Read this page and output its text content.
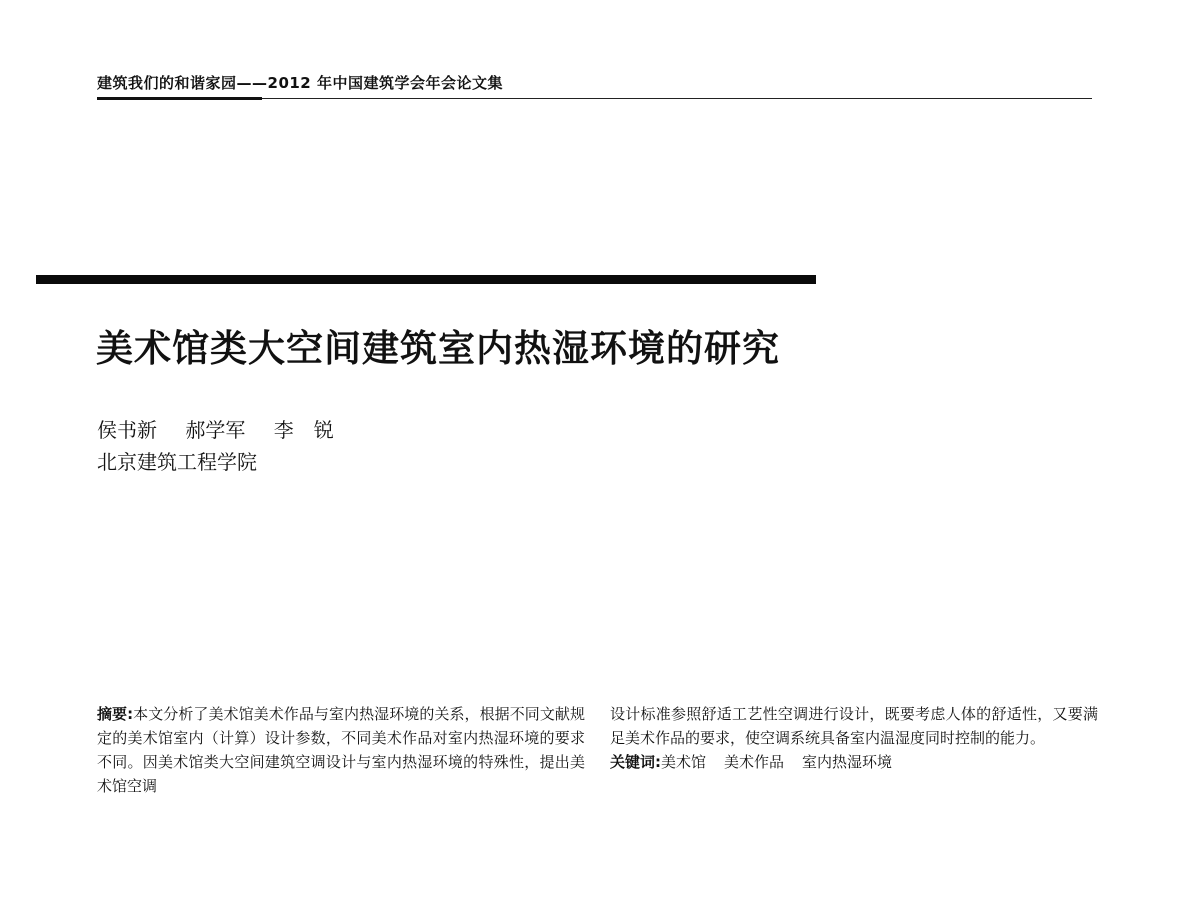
建筑我们的和谐家园——2012 年中国建筑学会年会论文集
美术馆类大空间建筑室内热湿环境的研究
侯书新 郝学军 李　锐
北京建筑工程学院
摘要:本文分析了美术馆美术作品与室内热湿环境的关系，根据不同文献规定的美术馆室内（计算）设计参数，不同美术作品对室内热湿环境的要求不同。因美术馆类大空间建筑空调设计与室内热湿环境的特殊性，提出美术馆空调
设计标准参照舒适工艺性空调进行设计，既要考虑人体的舒适性，又要满足美术作品的要求，使空调系统具备室内温湿度同时控制的能力。
关键词:美术馆 美术作品 室内热湿环境
